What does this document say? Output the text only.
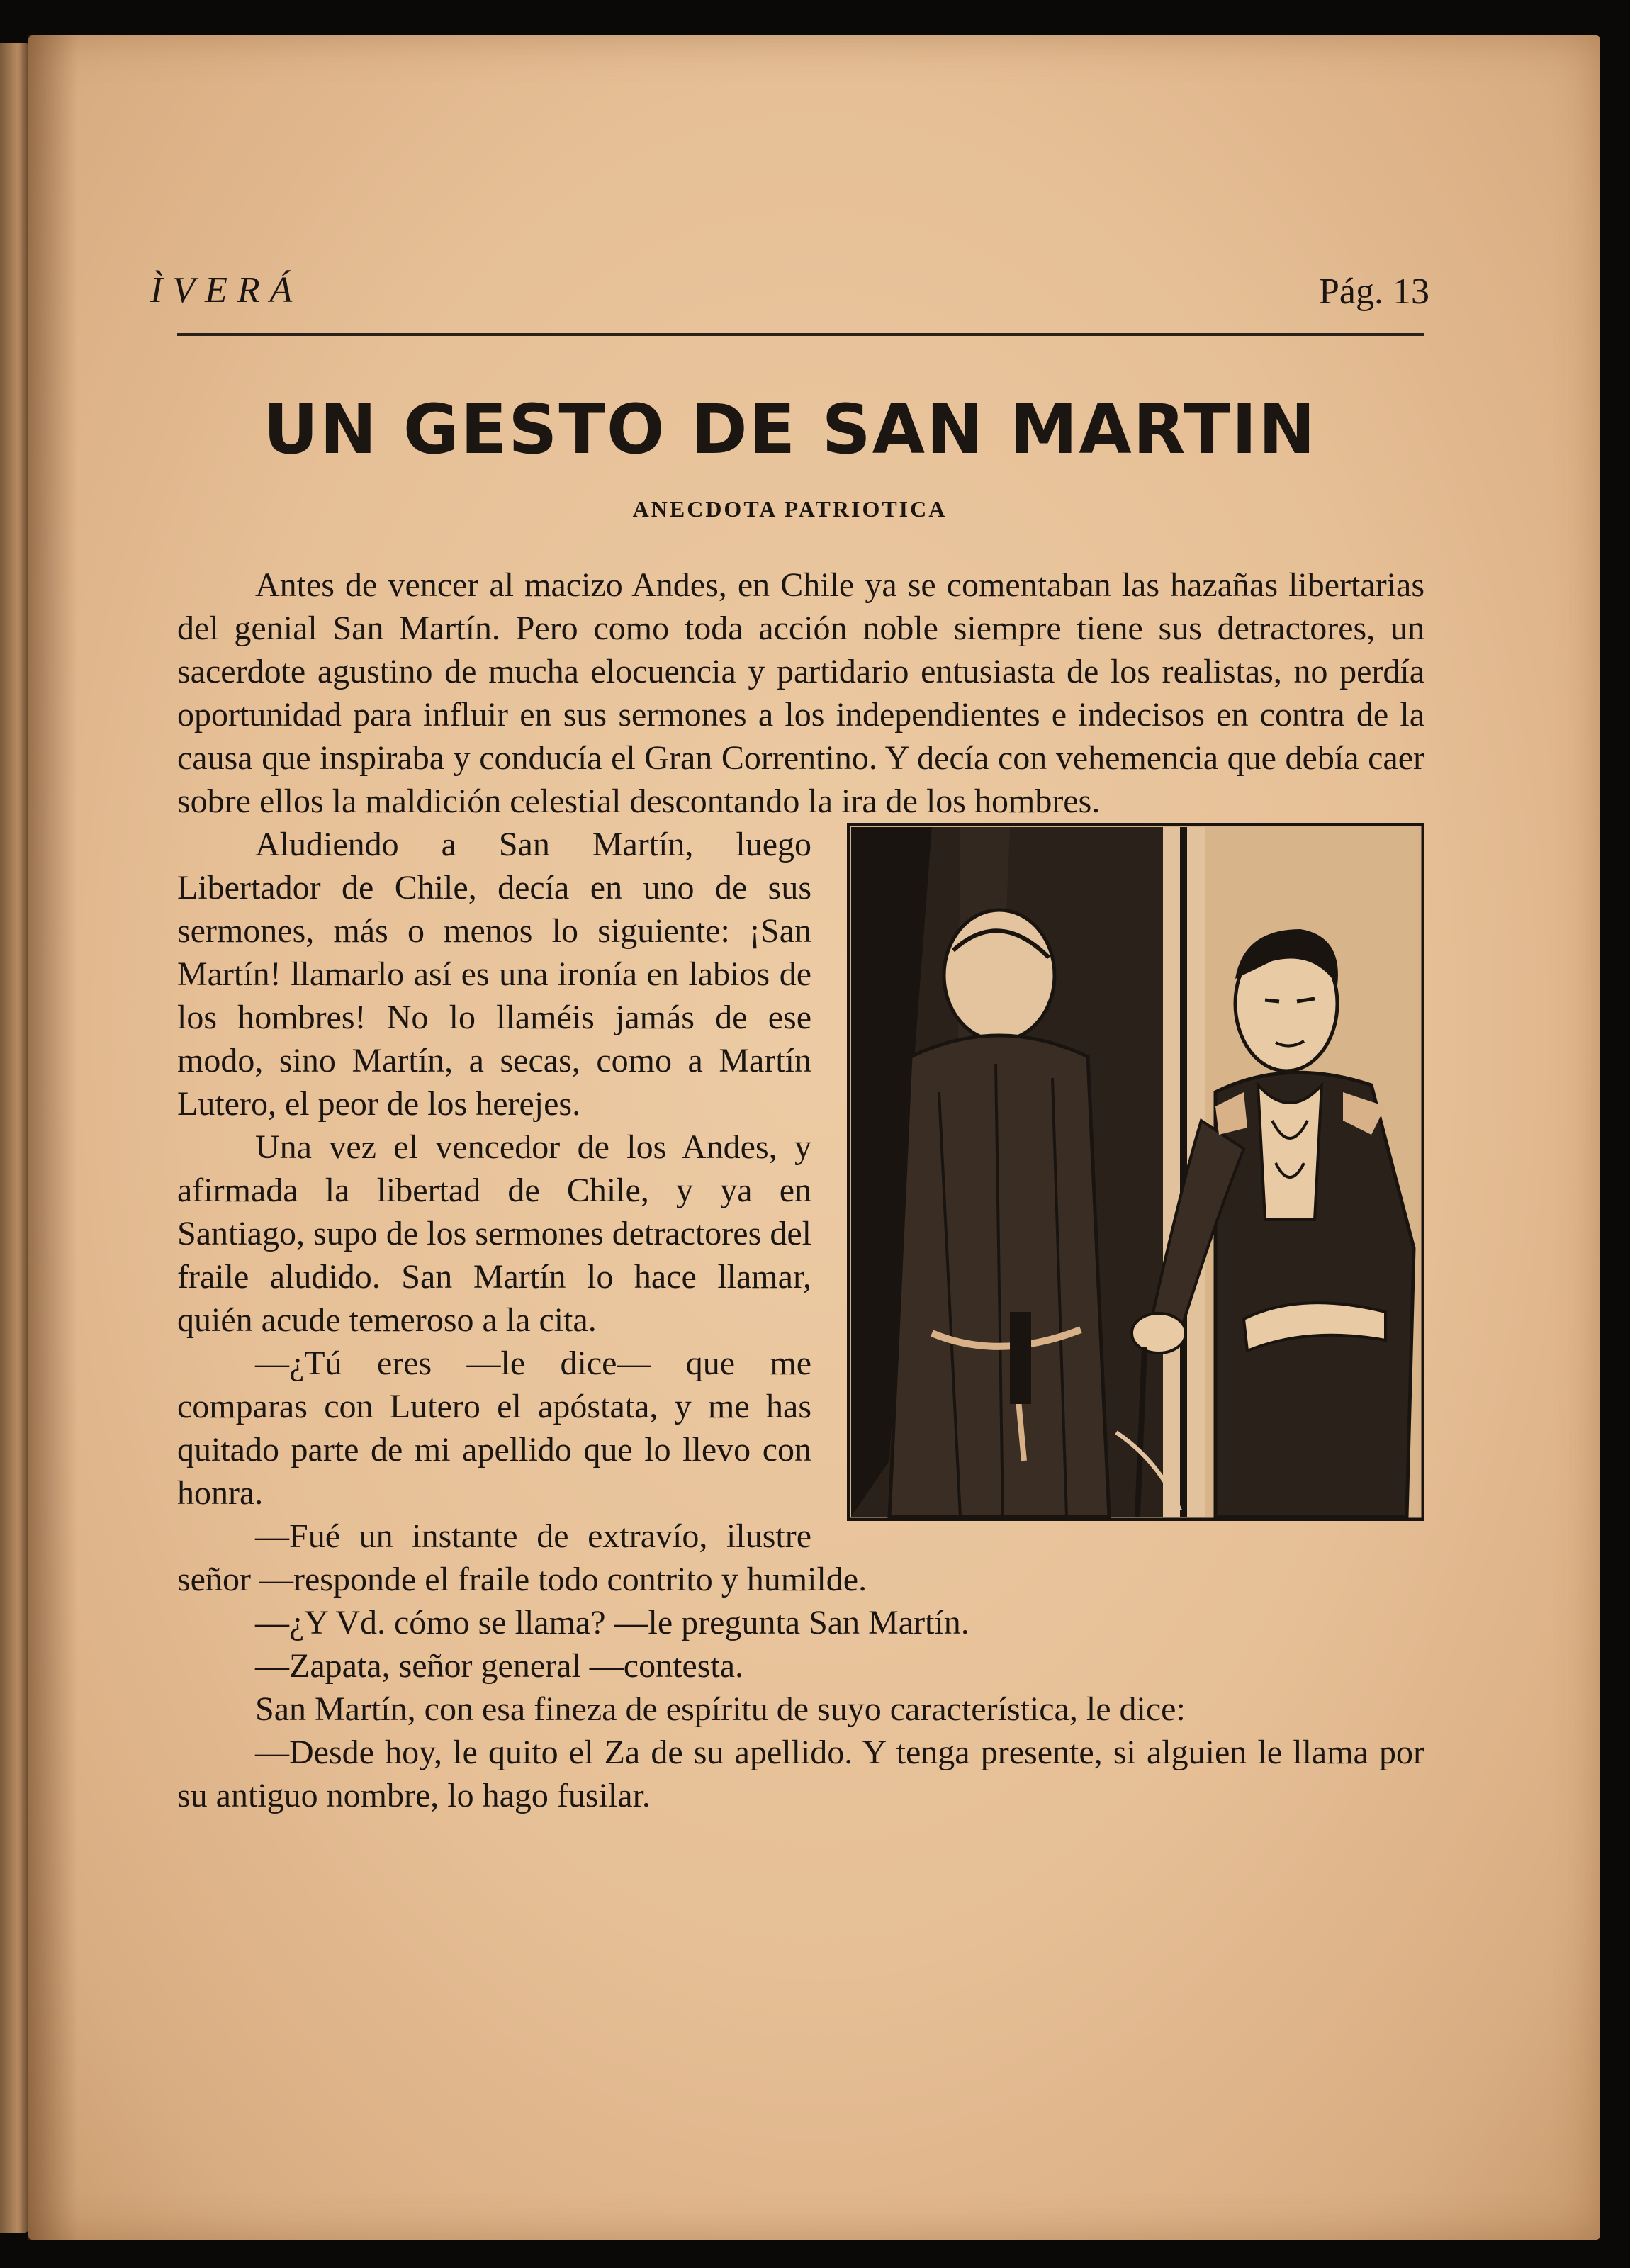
ÌVERÁ	Pág. 13
UN GESTO DE SAN MARTIN
ANECDOTA PATRIOTICA

Antes de vencer al macizo Andes, en Chile ya se comentaban las hazañas libertarias del genial San Martín. Pero como toda acción noble siempre tiene sus detractores, un sacerdote agustino de mucha elocuencia y partidario entusiasta de los realistas, no perdía oportunidad para influir en sus sermones a los independientes e indecisos en contra de la causa que inspiraba y conducía el Gran Correntino. Y decía con vehemencia que debía caer sobre ellos la maldición celestial descontando la ira de los hombres.

Aludiendo a San Martín, luego Libertador de Chile, decía en uno de sus sermones, más o menos lo siguiente: ¡San Martín! llamarlo así es una ironía en labios de los hombres! No lo llaméis jamás de ese modo, sino Martín, a secas, como a Martín Lutero, el peor de los herejes.

Una vez el vencedor de los Andes, y afirmada la libertad de Chile, y ya en Santiago, supo de los sermones detractores del fraile aludido. San Martín lo hace llamar, quién acude temeroso a la cita.

—¿Tú eres —le dice— que me comparas con Lutero el apóstata, y me has quitado parte de mi apellido que lo llevo con honra.

—Fué un instante de extravío, ilustre señor —responde el fraile todo contrito y humilde.

—¿Y Vd. cómo se llama? —le pregunta San Martín.

—Zapata, señor general —contesta.

San Martín, con esa fineza de espíritu de suyo característica, le dice:

—Desde hoy, le quito el Za de su apellido. Y tenga presente, si alguien le llama por su antiguo nombre, lo hago fusilar.
